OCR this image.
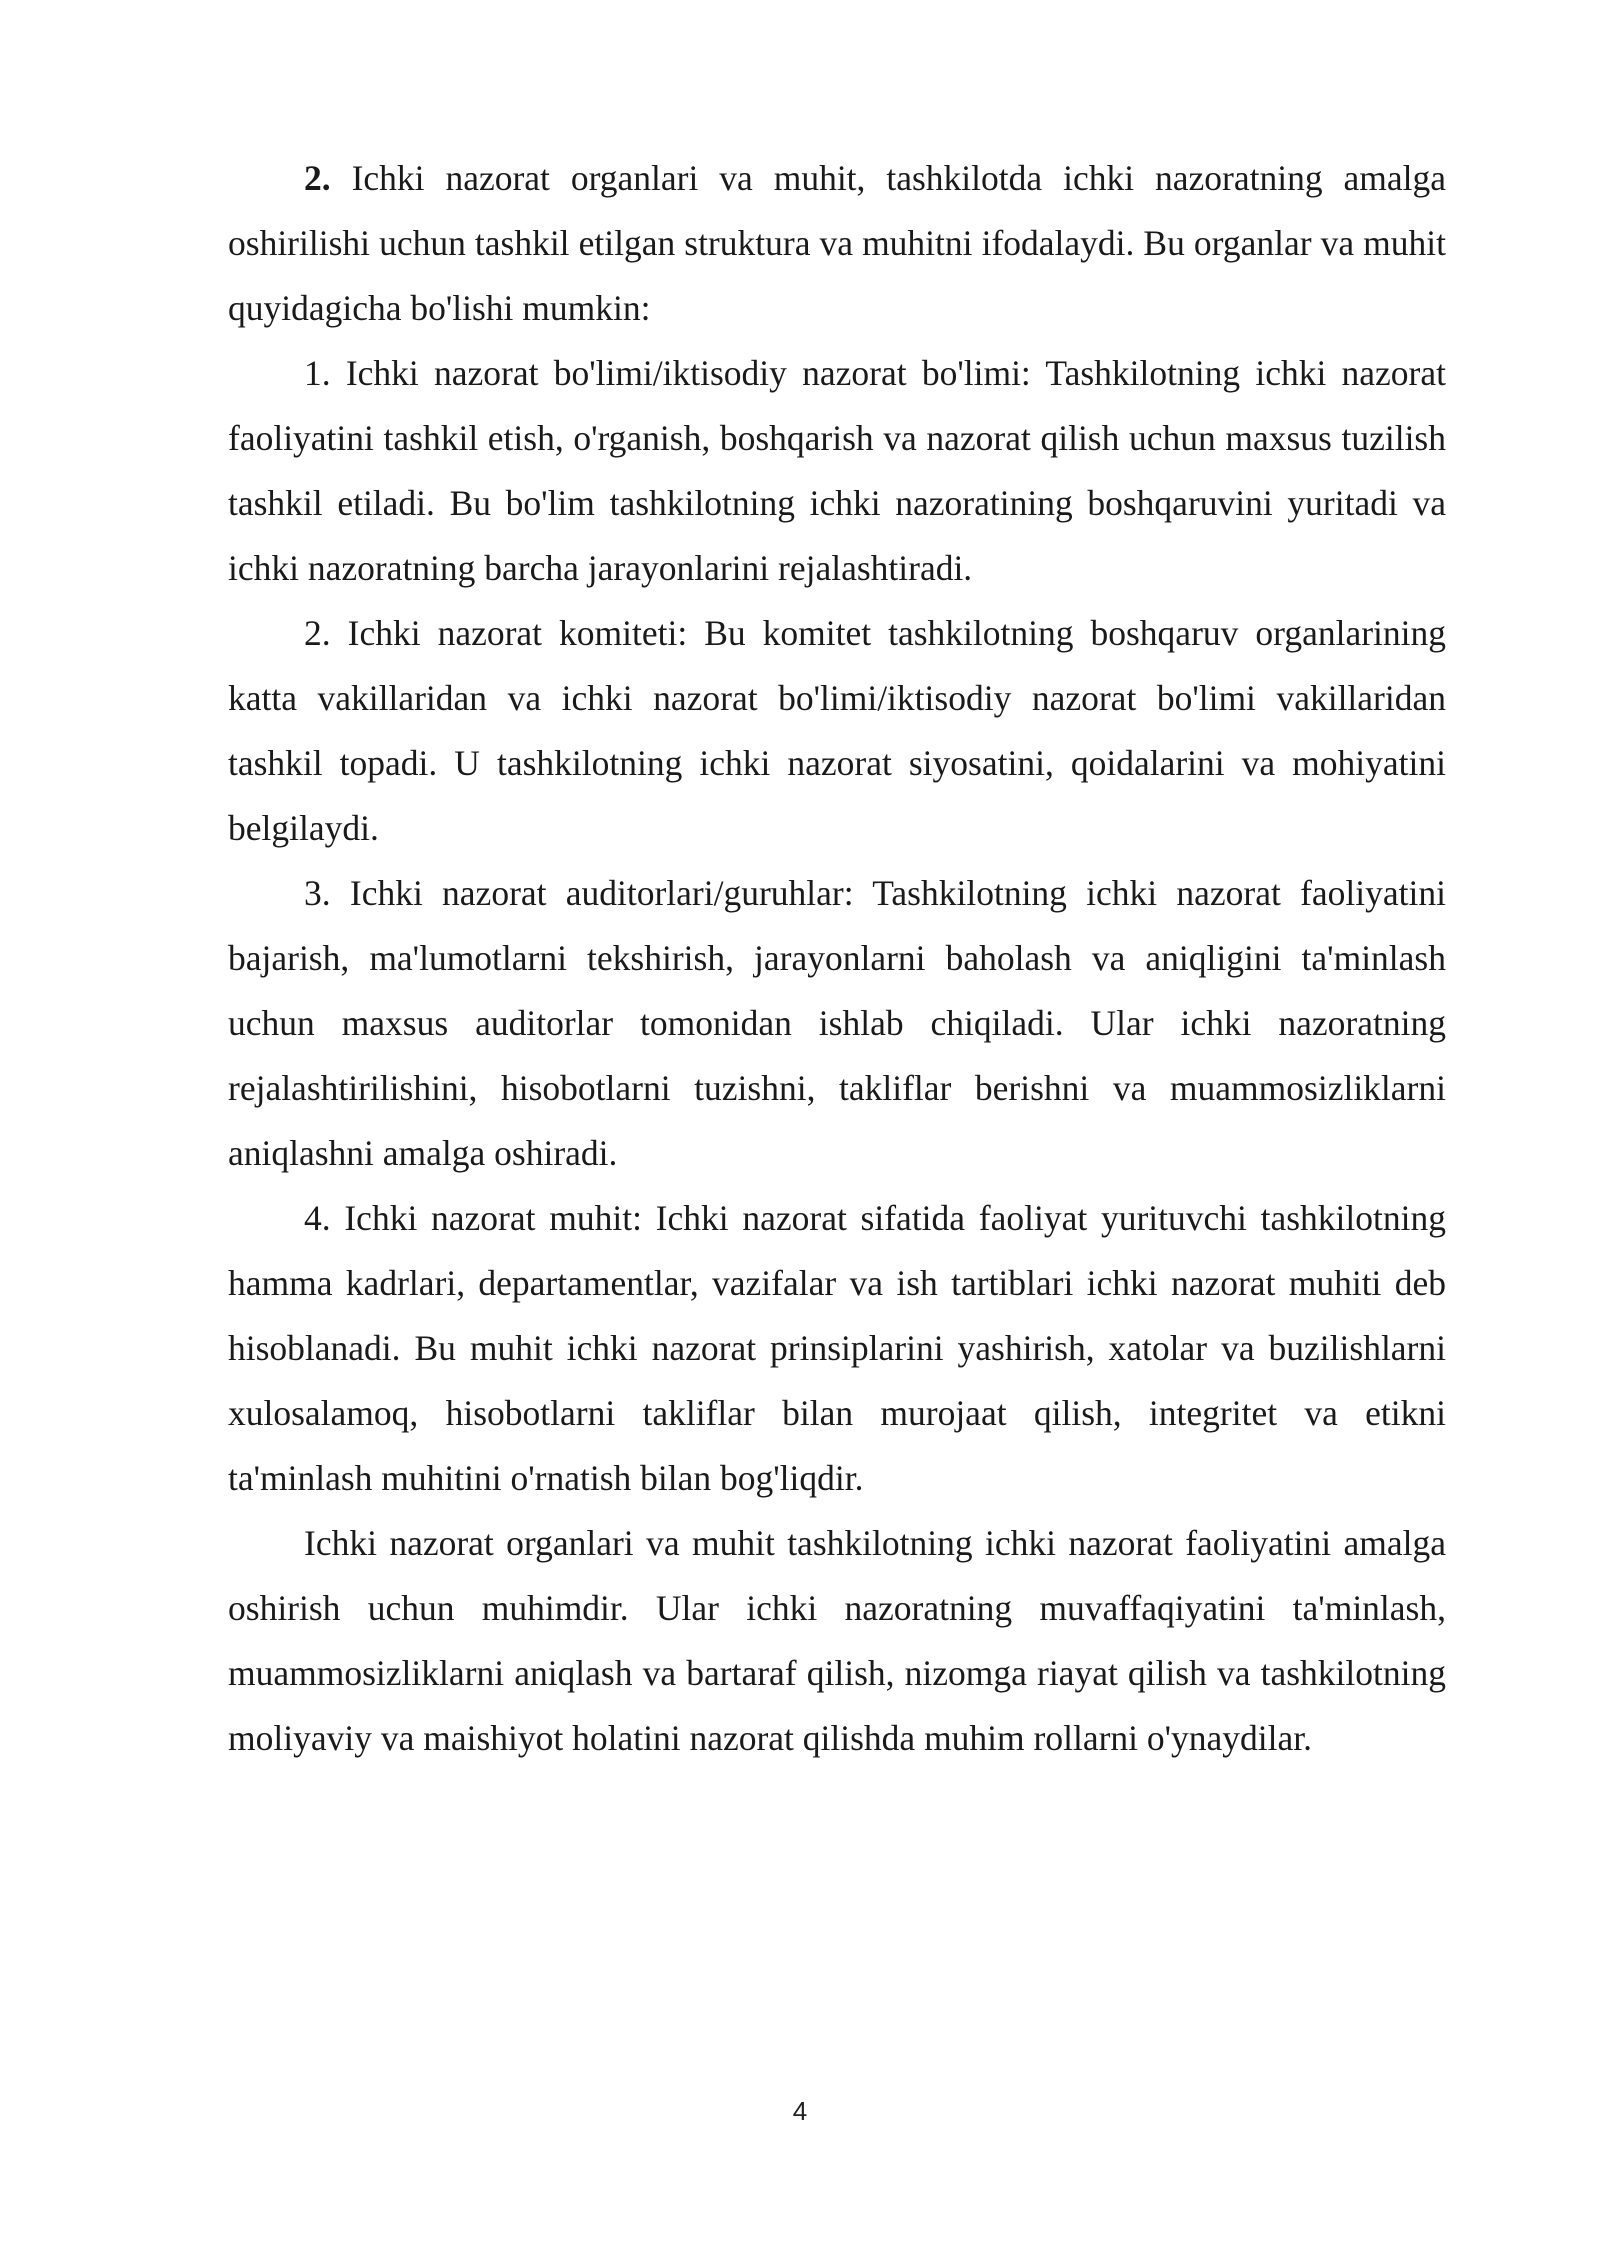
2. Ichki nazorat organlari va muhit, tashkilotda ichki nazoratning amalga oshirilishi uchun tashkil etilgan struktura va muhitni ifodalaydi. Bu organlar va muhit quyidagicha bo'lishi mumkin:

1. Ichki nazorat bo'limi/iktisodiy nazorat bo'limi: Tashkilotning ichki nazorat faoliyatini tashkil etish, o'rganish, boshqarish va nazorat qilish uchun maxsus tuzilish tashkil etiladi. Bu bo'lim tashkilotning ichki nazoratining boshqaruvini yuritadi va ichki nazoratning barcha jarayonlarini rejalashtiradi.

2. Ichki nazorat komiteti: Bu komitet tashkilotning boshqaruv organlarining katta vakillaridan va ichki nazorat bo'limi/iktisodiy nazorat bo'limi vakillaridan tashkil topadi. U tashkilotning ichki nazorat siyosatini, qoidalarini va mohiyatini belgilaydi.

3. Ichki nazorat auditorlari/guruhlar: Tashkilotning ichki nazorat faoliyatini bajarish, ma'lumotlarni tekshirish, jarayonlarni baholash va aniqligini ta'minlash uchun maxsus auditorlar tomonidan ishlab chiqiladi. Ular ichki nazoratning rejalashtirilishini, hisobotlarni tuzishni, takliflar berishni va muammosizliklarni aniqlashni amalga oshiradi.

4. Ichki nazorat muhit: Ichki nazorat sifatida faoliyat yurituvchi tashkilotning hamma kadrlari, departamentlar, vazifalar va ish tartiblari ichki nazorat muhiti deb hisoblanadi. Bu muhit ichki nazorat prinsiplarini yashirish, xatolar va buzilishlarni xulosalamoq, hisobotlarni takliflar bilan murojaat qilish, integritet va etikni ta'minlash muhitini o'rnatish bilan bog'liqdir.

Ichki nazorat organlari va muhit tashkilotning ichki nazorat faoliyatini amalga oshirish uchun muhimdir. Ular ichki nazoratning muvaffaqiyatini ta'minlash, muammosizliklarni aniqlash va bartaraf qilish, nizomga riayat qilish va tashkilotning moliyaviy va maishiyot holatini nazorat qilishda muhim rollarni o'ynaydilar.

4
